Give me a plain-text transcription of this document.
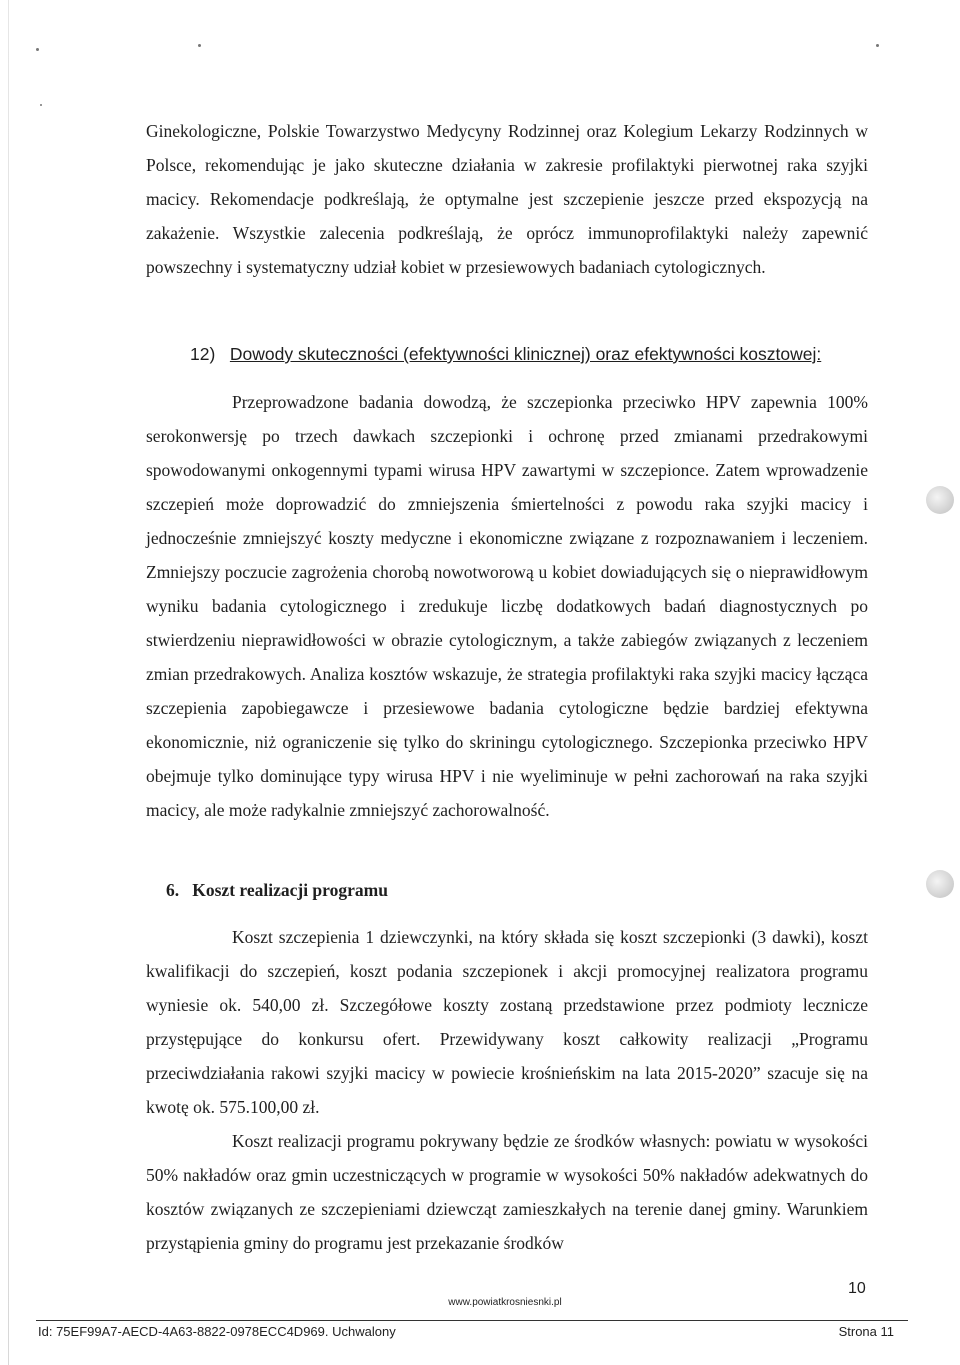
Ginekologiczne, Polskie Towarzystwo Medycyny Rodzinnej oraz Kolegium Lekarzy Rodzinnych w Polsce, rekomendując je jako skuteczne działania w zakresie profilaktyki pierwotnej raka szyjki macicy. Rekomendacje podkreślają, że optymalne jest szczepienie jeszcze przed ekspozycją na zakażenie. Wszystkie zalecenia podkreślają, że oprócz immunoprofilaktyki należy zapewnić powszechny i systematyczny udział kobiet w przesiewowych badaniach cytologicznych.

12) Dowody skuteczności (efektywności klinicznej) oraz efektywności kosztowej:

Przeprowadzone badania dowodzą, że szczepionka przeciwko HPV zapewnia 100% serokonwersję po trzech dawkach szczepionki i ochronę przed zmianami przedrakowymi spowodowanymi onkogennymi typami wirusa HPV zawartymi w szczepionce. Zatem wprowadzenie szczepień może doprowadzić do zmniejszenia śmiertelności z powodu raka szyjki macicy i jednocześnie zmniejszyć koszty medyczne i ekonomiczne związane z rozpoznawaniem i leczeniem. Zmniejszy poczucie zagrożenia chorobą nowotworową u kobiet dowiadujących się o nieprawidłowym wyniku badania cytologicznego i zredukuje liczbę dodatkowych badań diagnostycznych po stwierdzeniu nieprawidłowości w obrazie cytologicznym, a także zabiegów związanych z leczeniem zmian przedrakowych. Analiza kosztów wskazuje, że strategia profilaktyki raka szyjki macicy łącząca szczepienia zapobiegawcze i przesiewowe badania cytologiczne będzie bardziej efektywna ekonomicznie, niż ograniczenie się tylko do skriningu cytologicznego. Szczepionka przeciwko HPV obejmuje tylko dominujące typy wirusa HPV i nie wyeliminuje w pełni zachorowań na raka szyjki macicy, ale może radykalnie zmniejszyć zachorowalność.

6. Koszt realizacji programu

Koszt szczepienia 1 dziewczynki, na który składa się koszt szczepionki (3 dawki), koszt kwalifikacji do szczepień, koszt podania szczepionek i akcji promocyjnej realizatora programu wyniesie ok. 540,00 zł. Szczegółowe koszty zostaną przedstawione przez podmioty lecznicze przystępujące do konkursu ofert. Przewidywany koszt całkowity realizacji „Programu przeciwdziałania rakowi szyjki macicy w powiecie krośnieńskim na lata 2015-2020” szacuje się na kwotę ok. 575.100,00 zł.

Koszt realizacji programu pokrywany będzie ze środków własnych: powiatu w wysokości 50% nakładów oraz gmin uczestniczących w programie w wysokości 50% nakładów adekwatnych do kosztów związanych ze szczepieniami dziewcząt zamieszkałych na terenie danej gminy. Warunkiem przystąpienia gminy do programu jest przekazanie środków

10
www.powiatkrosniesnki.pl
Id: 75EF99A7-AECD-4A63-8822-0978ECC4D969. Uchwalony	Strona 11
